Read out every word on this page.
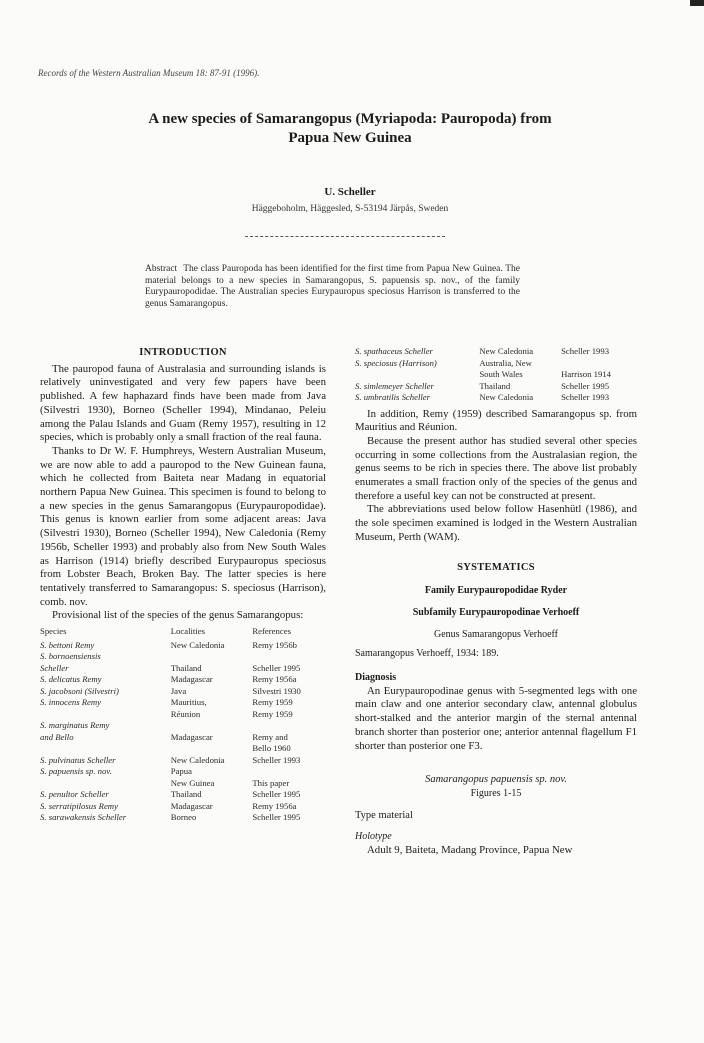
Records of the Western Australian Museum 18: 87-91 (1996).
A new species of Samarangopus (Myriapoda: Pauropoda) from
Papua New Guinea
U. Scheller
Häggeboholm, Häggesled, S-53194 Järpås, Sweden
Abstract The class Pauropoda has been identified for the first time from Papua New Guinea. The material belongs to a new species in Samarangopus, S. papuensis sp. nov., of the family Eurypauropodidae. The Australian species Eurypauropus speciosus Harrison is transferred to the genus Samarangopus.
INTRODUCTION

The pauropod fauna of Australasia and surrounding islands is relatively uninvestigated and very few papers have been published. A few haphazard finds have been made from Java (Silvestri 1930), Borneo (Scheller 1994), Mindanao, Peleiu among the Palau Islands and Guam (Remy 1957), resulting in 12 species, which is probably only a small fraction of the real fauna.

Thanks to Dr W. F. Humphreys, Western Australian Museum, we are now able to add a pauropod to the New Guinean fauna, which he collected from Baiteta near Madang in equatorial northern Papua New Guinea. This specimen is found to belong to a new species in the genus Samarangopus (Eurypauropodidae). This genus is known earlier from some adjacent areas: Java (Silvestri 1930), Borneo (Scheller 1994), New Caledonia (Remy 1956b, Scheller 1993) and probably also from New South Wales as Harrison (1914) briefly described Eurypauropus speciosus from Lobster Beach, Broken Bay. The latter species is here tentatively transferred to Samarangopus: S. speciosus (Harrison), comb. nov.

Provisional list of the species of the genus Samarangopus:

Species	Localities	References
S. bettoni Remy	New Caledonia	Remy 1956b
S. bornoensiensis		
Scheller	Thailand	Scheller 1995
S. delicatus Remy	Madagascar	Remy 1956a
S. jacobsoni (Silvestri)	Java	Silvestri 1930
S. innocens Remy	Mauritius,	Remy 1959
	Réunion	Remy 1959
S. marginatus Remy		
and Bello	Madagascar	Remy and
		Bello 1960
S. pulvinatus Scheller	New Caledonia	Scheller 1993
S. papuensis sp. nov.	Papua	
	New Guinea	This paper
S. penultor Scheller	Thailand	Scheller 1995
S. serratipilosus Remy	Madagascar	Remy 1956a
S. sarawakensis Scheller	Borneo	Scheller 1995
S. spathaceus Scheller	New Caledonia	Scheller 1993
S. speciosus (Harrison)	Australia, New	
	South Wales	Harrison 1914
S. simlemeyer Scheller	Thailand	Scheller 1995
S. umbratilis Scheller	New Caledonia	Scheller 1993

In addition, Remy (1959) described Samarangopus sp. from Mauritius and Réunion.

Because the present author has studied several other species occurring in some collections from the Australasian region, the genus seems to be rich in species there. The above list probably enumerates a small fraction only of the species of the genus and therefore a useful key can not be constructed at present.

The abbreviations used below follow Hasenhütl (1986), and the sole specimen examined is lodged in the Western Australian Museum, Perth (WAM).

SYSTEMATICS
Family Eurypauropodidae Ryder
Subfamily Eurypauropodinae Verhoeff
Genus Samarangopus Verhoeff
Samarangopus Verhoeff, 1934: 189.
Diagnosis

An Eurypauropodinae genus with 5-segmented legs with one main claw and one anterior secondary claw, antennal globulus short-stalked and the anterior margin of the sternal antennal branch shorter than posterior one; anterior antennal flagellum F1 shorter than posterior one F3.

Samarangopus papuensis sp. nov.
Figures 1-15
Type material
Holotype

Adult 9, Baiteta, Madang Province, Papua New
